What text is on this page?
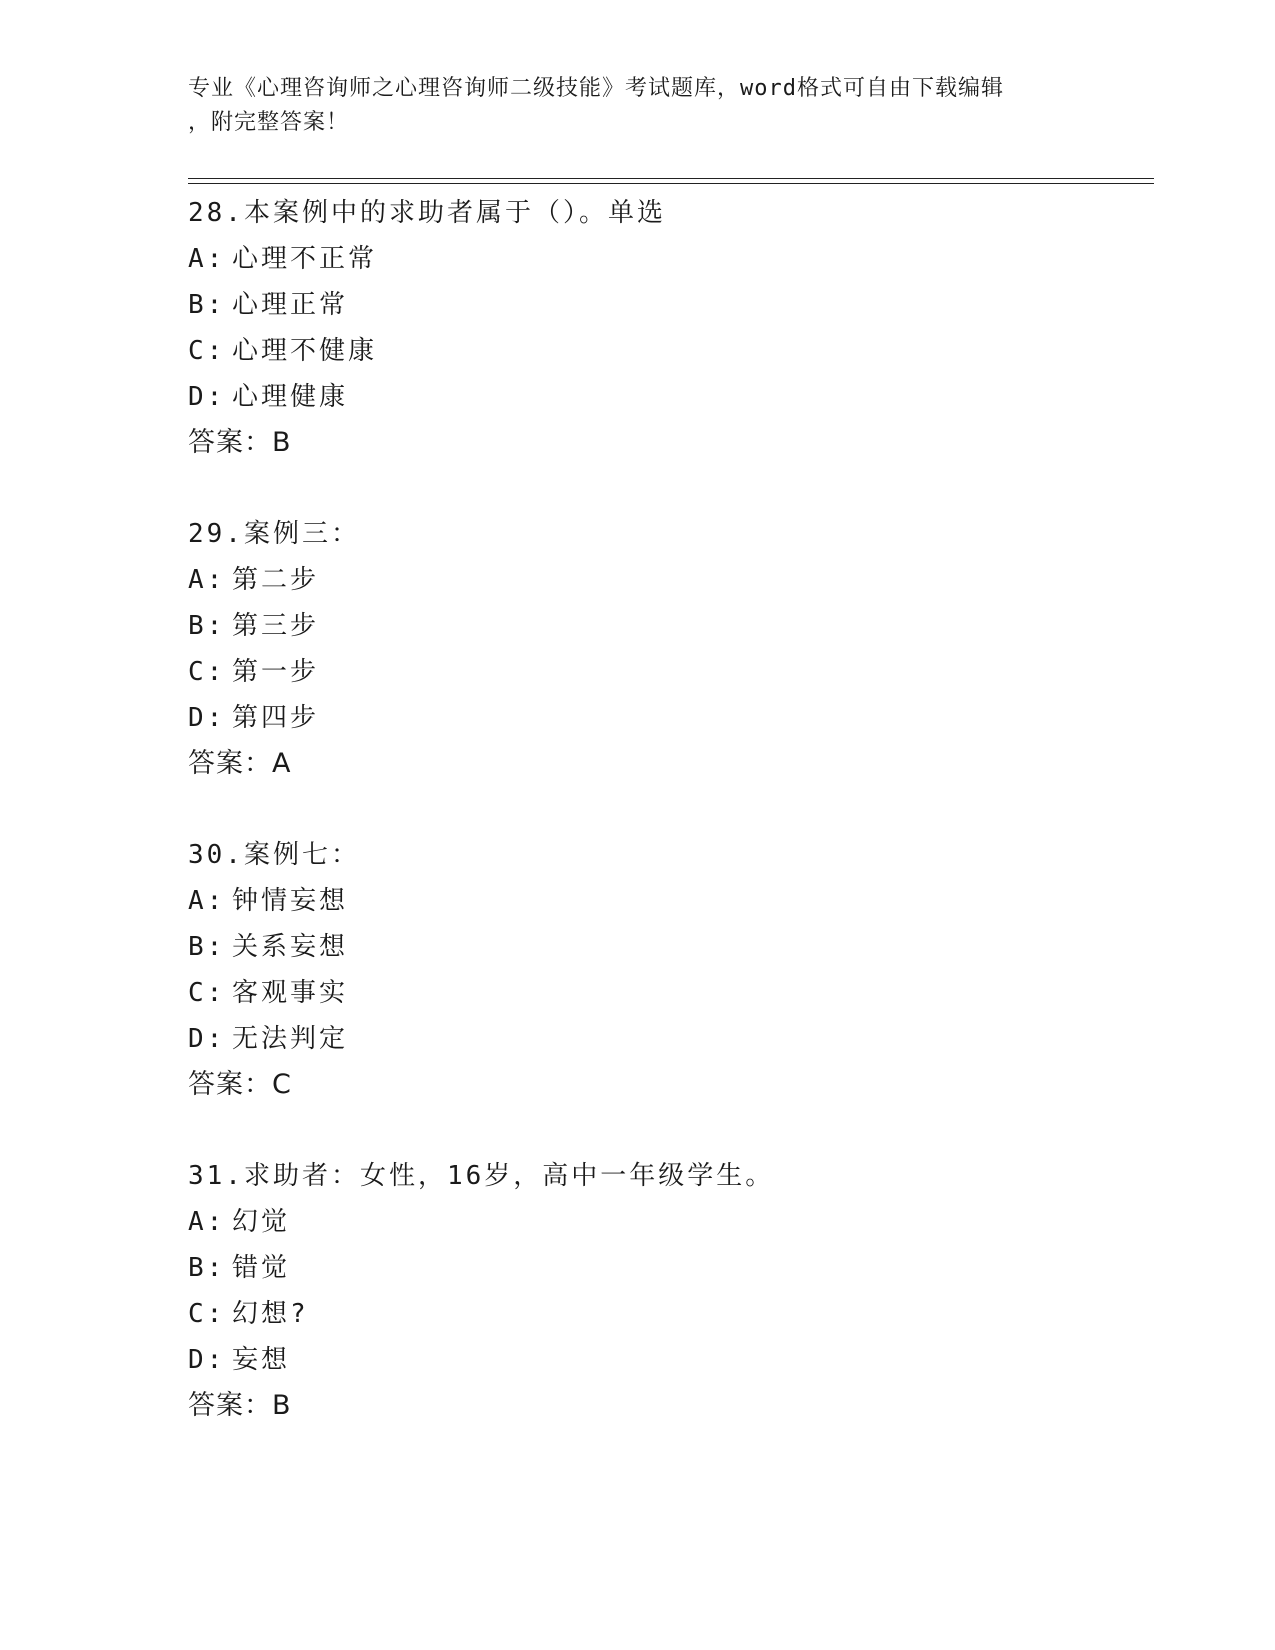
专业《心理咨询师之心理咨询师二级技能》考试题库，word格式可自由下载编辑
，附完整答案！
28.本案例中的求助者属于（）。单选
A: 心理不正常
B: 心理正常
C: 心理不健康
D: 心理健康
答案：B
29.案例三：
A: 第二步
B: 第三步
C: 第一步
D: 第四步
答案：A
30.案例七：
A: 钟情妄想
B: 关系妄想
C: 客观事实
D: 无法判定
答案：C
31.求助者：女性，16岁，高中一年级学生。
A: 幻觉
B: 错觉
C: 幻想?
D: 妄想
答案：B
